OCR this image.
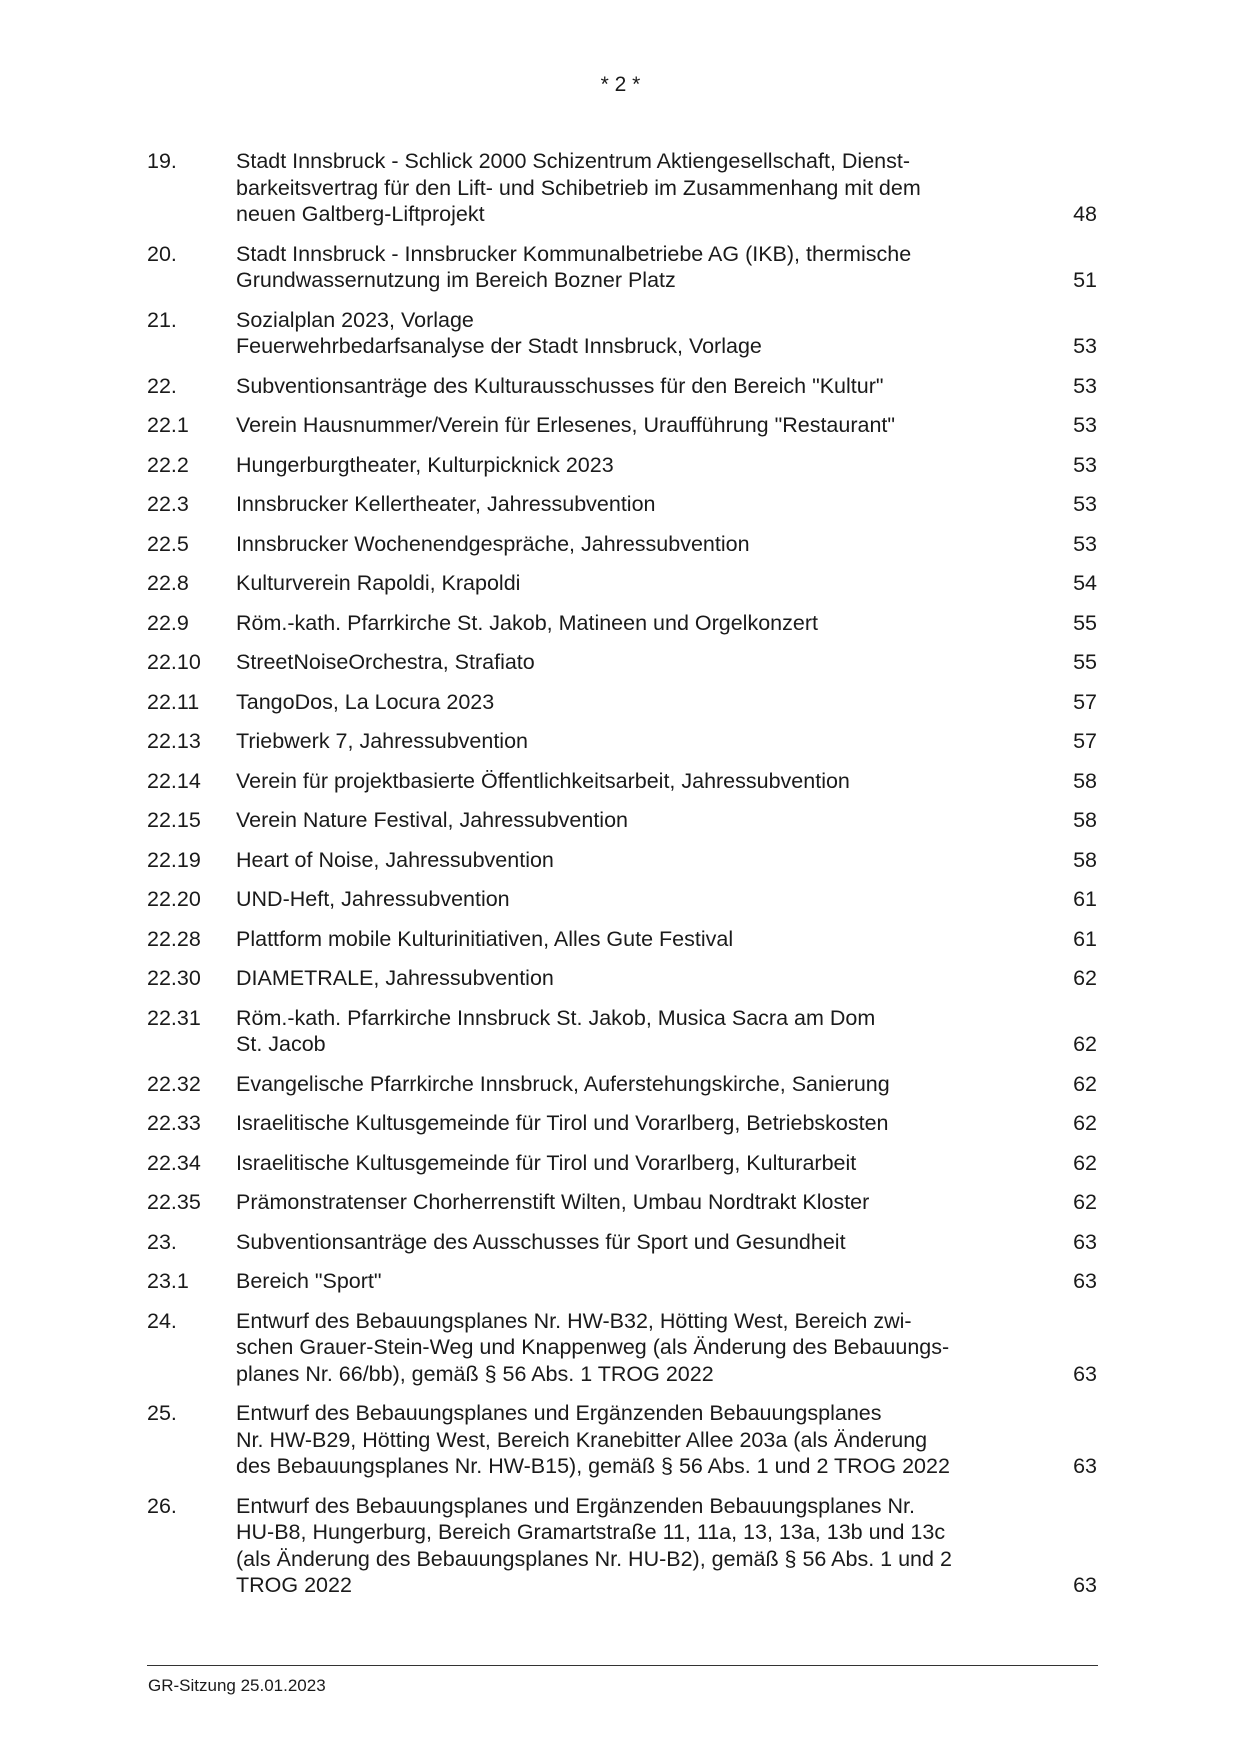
* 2 *
19.	Stadt Innsbruck - Schlick 2000 Schizentrum Aktiengesellschaft, Dienst-
barkeitsvertrag für den Lift- und Schibetrieb im Zusammenhang mit dem
neuen Galtberg-Liftprojekt	48
20.	Stadt Innsbruck - Innsbrucker Kommunalbetriebe AG (IKB), thermische
Grundwassernutzung im Bereich Bozner Platz	51
21.	Sozialplan 2023, Vorlage
Feuerwehrbedarfsanalyse der Stadt Innsbruck, Vorlage	53
22.	Subventionsanträge des Kulturausschusses für den Bereich "Kultur"	53
22.1 Verein Hausnummer/Verein für Erlesenes, Uraufführung "Restaurant"	53
22.2 Hungerburgtheater, Kulturpicknick 2023	53
22.3 Innsbrucker Kellertheater, Jahressubvention	53
22.5 Innsbrucker Wochenendgespräche, Jahressubvention	53
22.8 Kulturverein Rapoldi, Krapoldi	54
22.9 Röm.-kath. Pfarrkirche St. Jakob, Matineen und Orgelkonzert	55
22.10 StreetNoiseOrchestra, Strafiato	55
22.11 TangoDos, La Locura 2023	57
22.13 Triebwerk 7, Jahressubvention	57
22.14 Verein für projektbasierte Öffentlichkeitsarbeit, Jahressubvention	58
22.15 Verein Nature Festival, Jahressubvention	58
22.19 Heart of Noise, Jahressubvention	58
22.20 UND-Heft, Jahressubvention	61
22.28 Plattform mobile Kulturinitiativen, Alles Gute Festival	61
22.30 DIAMETRALE, Jahressubvention	62
22.31 Röm.-kath. Pfarrkirche Innsbruck St. Jakob, Musica Sacra am Dom
St. Jacob	62
22.32 Evangelische Pfarrkirche Innsbruck, Auferstehungskirche, Sanierung	62
22.33 Israelitische Kultusgemeinde für Tirol und Vorarlberg, Betriebskosten	62
22.34 Israelitische Kultusgemeinde für Tirol und Vorarlberg, Kulturarbeit	62
22.35 Prämonstratenser Chorherrenstift Wilten, Umbau Nordtrakt Kloster	62
23.	Subventionsanträge des Ausschusses für Sport und Gesundheit	63
23.1 Bereich "Sport"	63
24.	Entwurf des Bebauungsplanes Nr. HW-B32, Hötting West, Bereich zwi-
schen Grauer-Stein-Weg und Knappenweg (als Änderung des Bebauungs-
planes Nr. 66/bb), gemäß § 56 Abs. 1 TROG 2022	63
25.	Entwurf des Bebauungsplanes und Ergänzenden Bebauungsplanes
Nr. HW-B29, Hötting West, Bereich Kranebitter Allee 203a (als Änderung
des Bebauungsplanes Nr. HW-B15), gemäß § 56 Abs. 1 und 2 TROG 2022	63
26.	Entwurf des Bebauungsplanes und Ergänzenden Bebauungsplanes Nr.
HU-B8, Hungerburg, Bereich Gramartstraße 11, 11a, 13, 13a, 13b und 13c
(als Änderung des Bebauungsplanes Nr. HU-B2), gemäß § 56 Abs. 1 und 2
TROG 2022	63
GR-Sitzung 25.01.2023
